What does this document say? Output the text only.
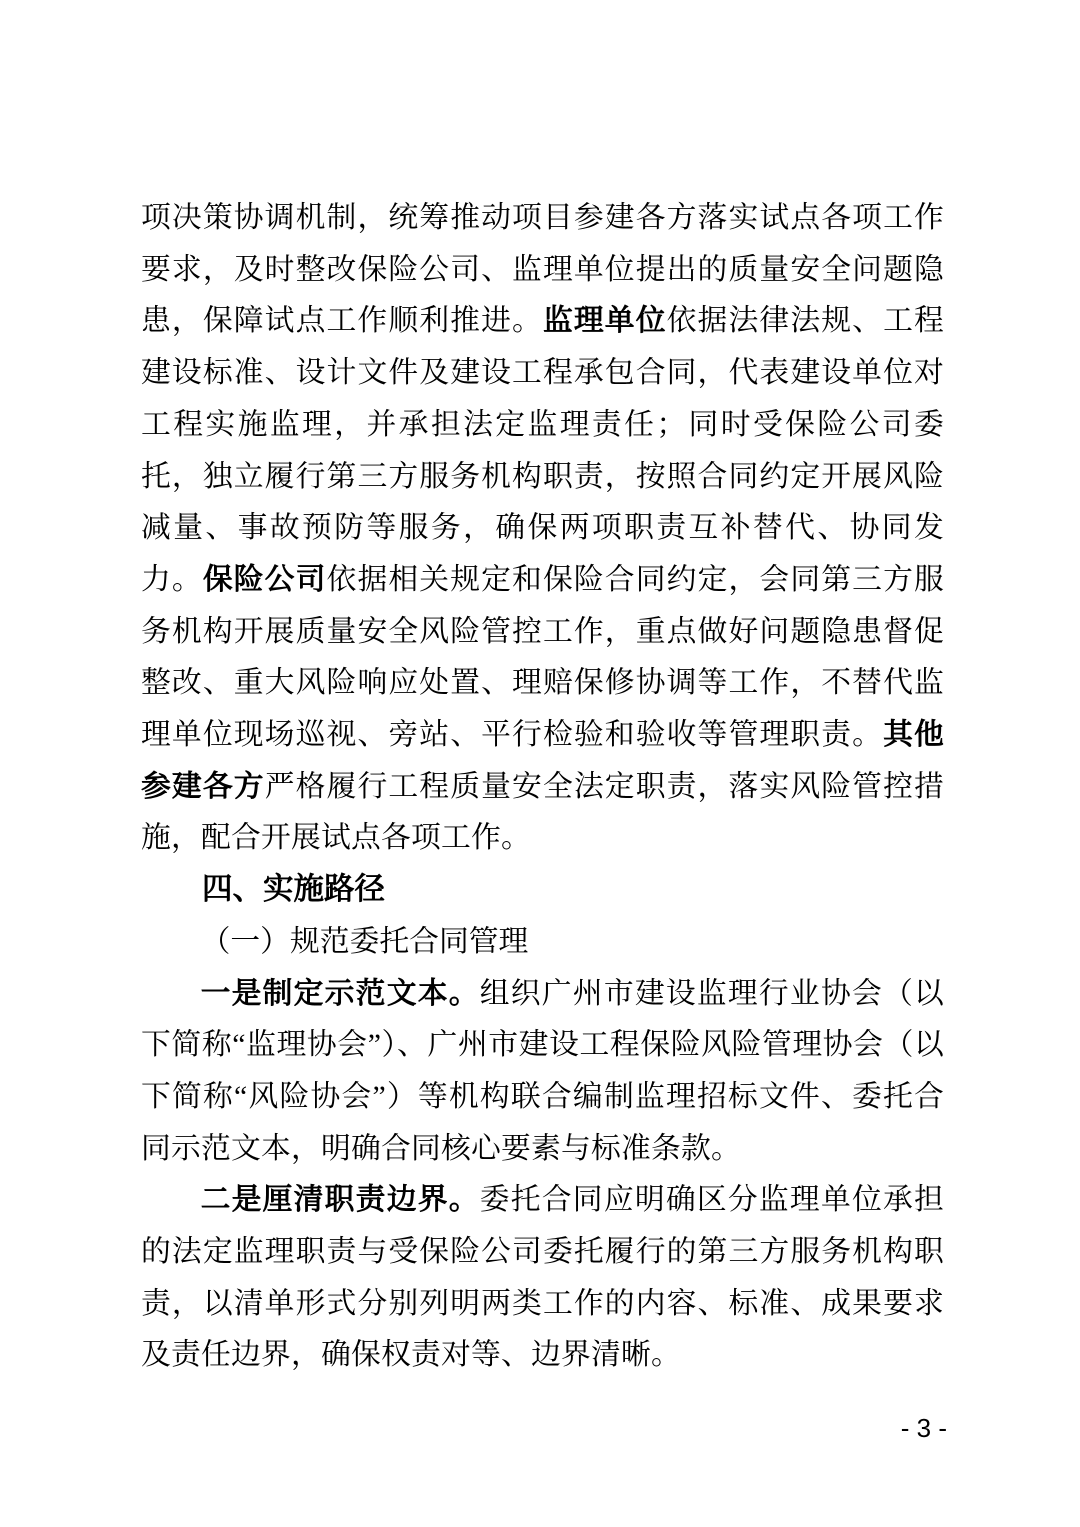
项决策协调机制，统筹推动项目参建各方落实试点各项工作要求，及时整改保险公司、监理单位提出的质量安全问题隐患，保障试点工作顺利推进。监理单位依据法律法规、工程建设标准、设计文件及建设工程承包合同，代表建设单位对工程实施监理，并承担法定监理责任；同时受保险公司委托，独立履行第三方服务机构职责，按照合同约定开展风险减量、事故预防等服务，确保两项职责互补替代、协同发力。保险公司依据相关规定和保险合同约定，会同第三方服务机构开展质量安全风险管控工作，重点做好问题隐患督促整改、重大风险响应处置、理赔保修协调等工作，不替代监理单位现场巡视、旁站、平行检验和验收等管理职责。其他参建各方严格履行工程质量安全法定职责，落实风险管控措施，配合开展试点各项工作。

四、实施路径
（一）规范委托合同管理

一是制定示范文本。组织广州市建设监理行业协会（以下简称“监理协会”）、广州市建设工程保险风险管理协会（以下简称“风险协会”）等机构联合编制监理招标文件、委托合同示范文本，明确合同核心要素与标准条款。

二是厘清职责边界。委托合同应明确区分监理单位承担的法定监理职责与受保险公司委托履行的第三方服务机构职责，以清单形式分别列明两类工作的内容、标准、成果要求及责任边界，确保权责对等、边界清晰。

- 3 -
